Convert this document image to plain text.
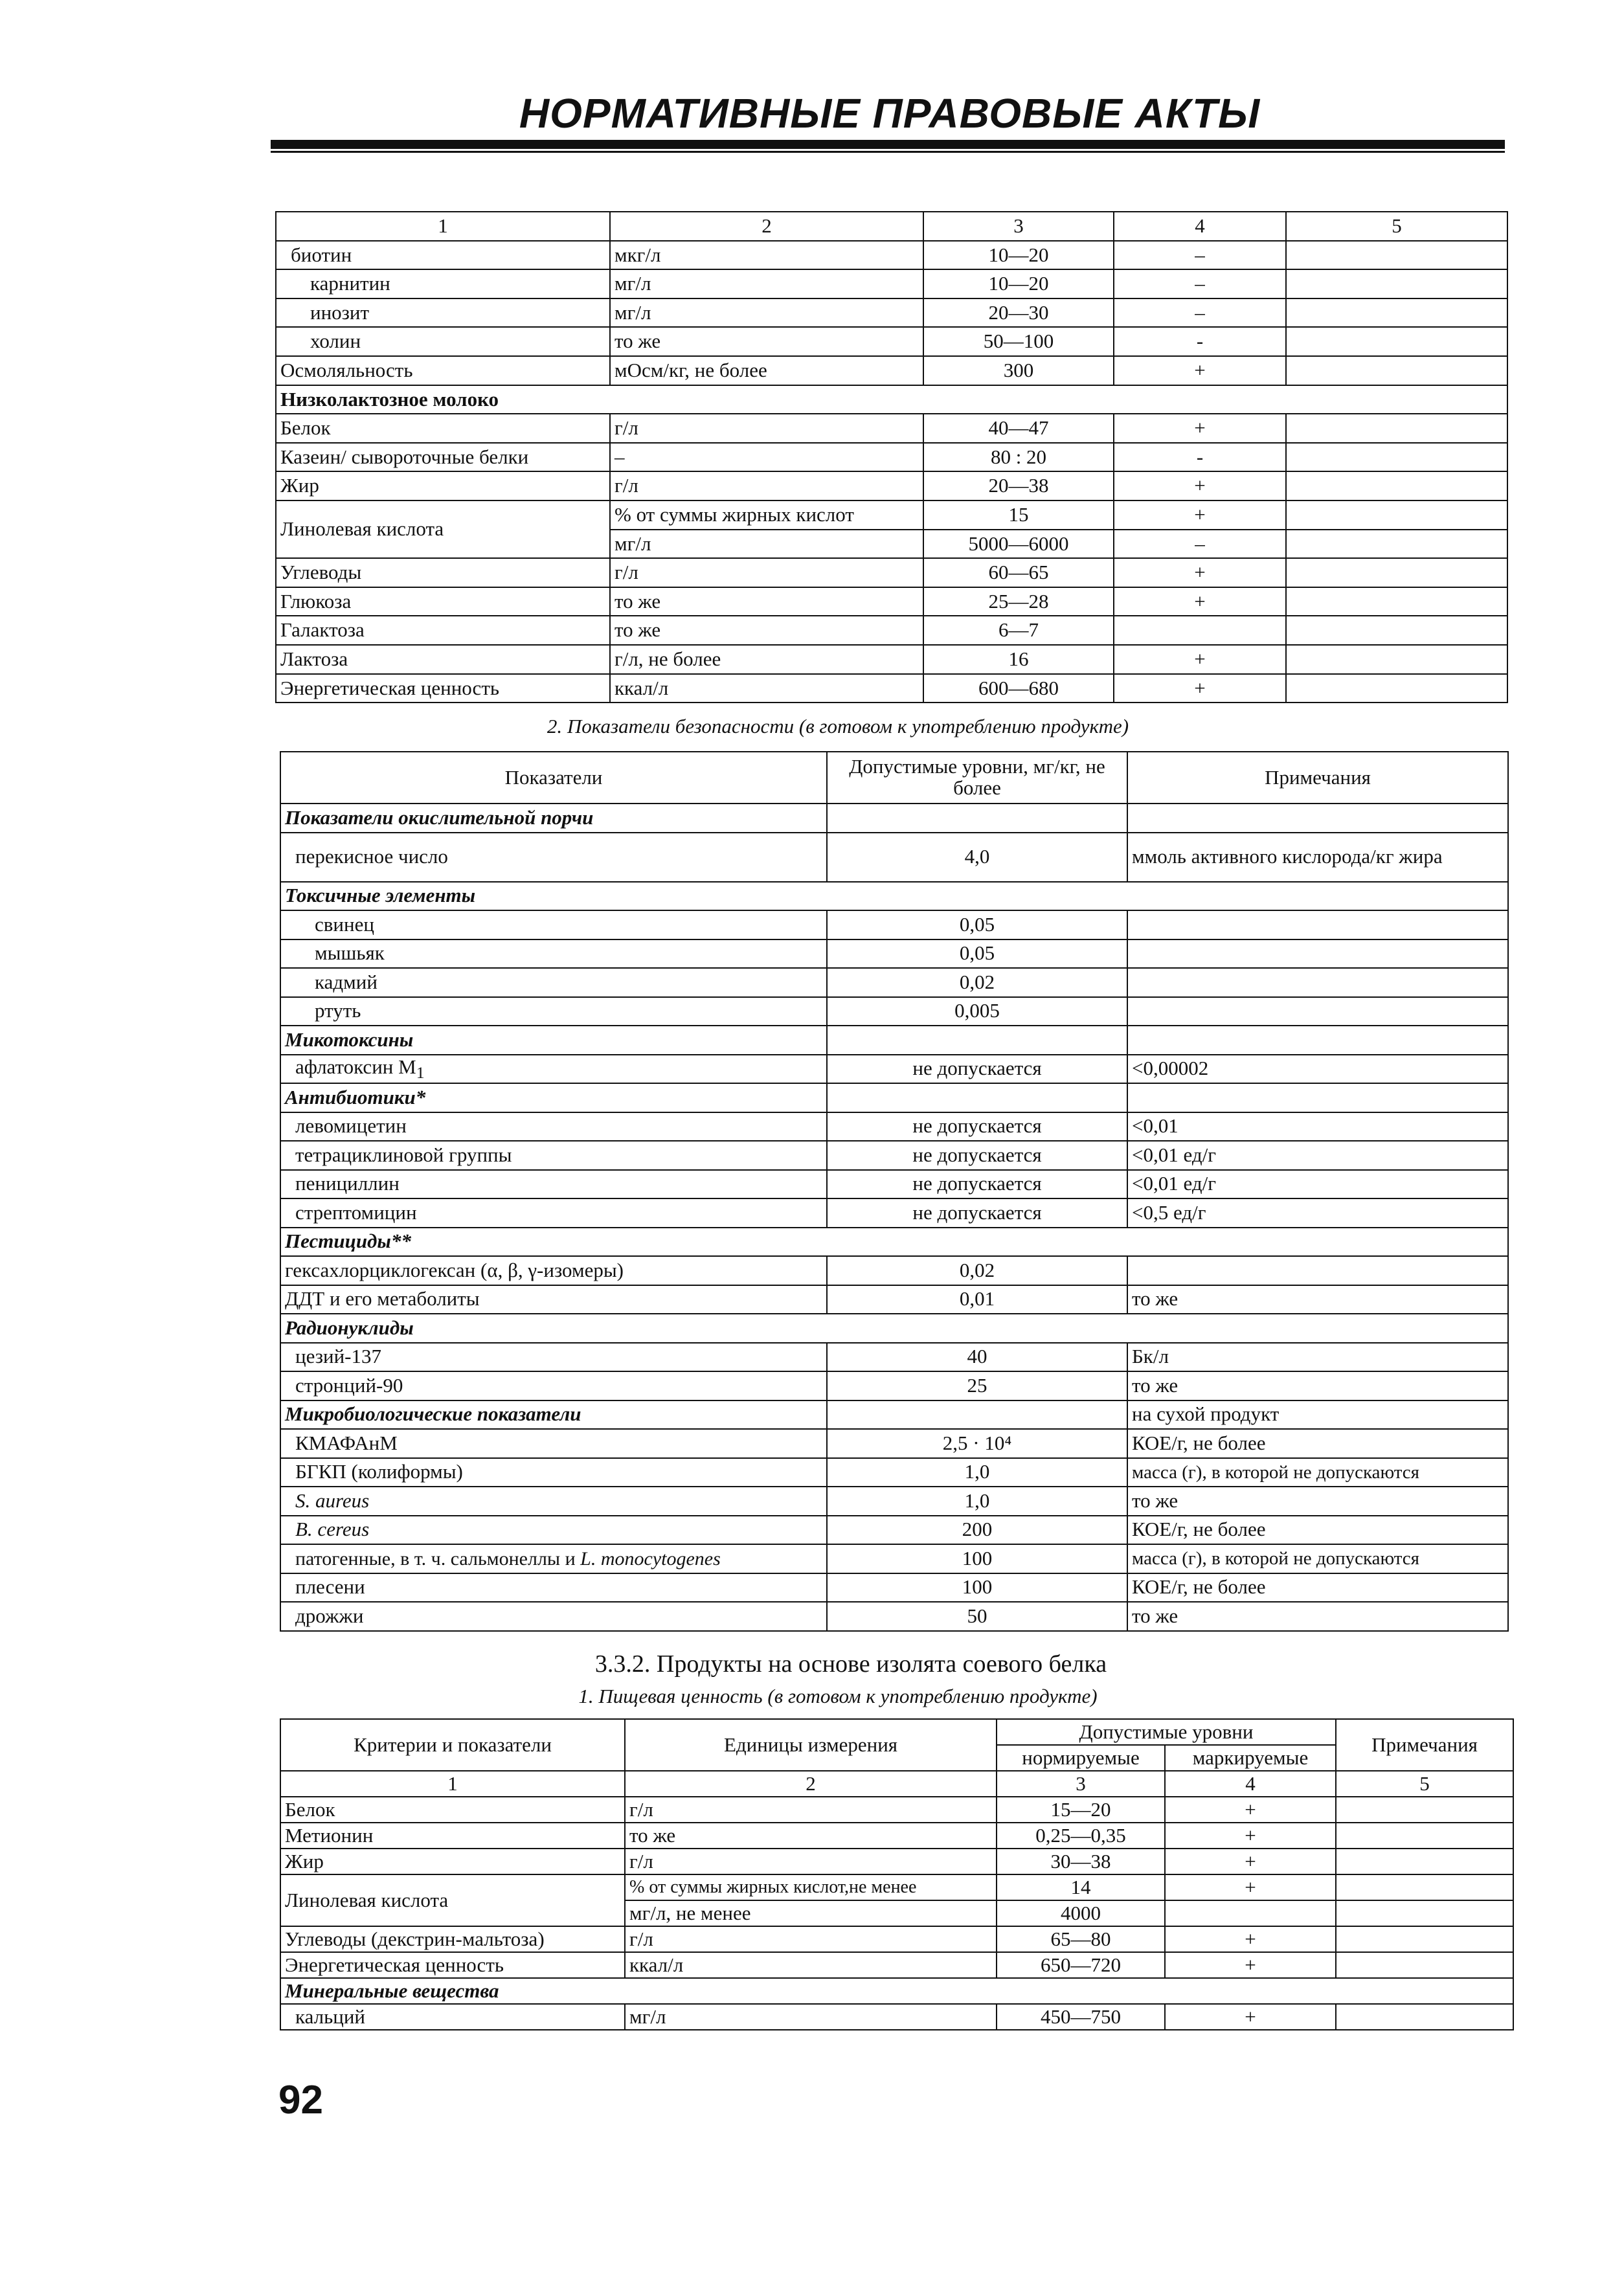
НОРМАТИВНЫЕ ПРАВОВЫЕ АКТЫ
1	2	3	4	5
биотин	мкг/л	10—20	–	
карнитин	мг/л	10—20	–	
инозит	мг/л	20—30	–	
холин	то же	50—100	-	
Осмоляльность	мОсм/кг, не более	300	+	
Низколактозное молоко				
Белок	г/л	40—47	+	
Казеин/ сывороточные белки	–	80 : 20	-	
Жир	г/л	20—38	+	
Линолевая кислота	% от суммы жирных кислот	15	+	
	мг/л	5000—6000	–	
Углеводы	г/л	60—65	+	
Глюкоза	то же	25—28	+	
Галактоза	то же	6—7		
Лактоза	г/л, не более	16	+	
Энергетическая ценность	ккал/л	600—680	+	
2. Показатели безопасности (в готовом к употреблению продукте)
Показатели	Допустимые уровни, мг/кг, не более	Примечания
Показатели окислительной порчи		
перекисное число	4,0	ммоль активного кислорода/кг жира
Токсичные элементы		
свинец	0,05	
мышьяк	0,05	
кадмий	0,02	
ртуть	0,005	
Микотоксины		
афлатоксин $M_1$	не допускается	<0,00002
Антибиотики*		
левомицетин	не допускается	<0,01
тетрациклиновой группы	не допускается	<0,01 ед/г
пенициллин	не допускается	<0,01 ед/г
стрептомицин	не допускается	<0,5 ед/г
Пестициды**		
гексахлорциклогексан (α, β, γ-изомеры)	0,02	
ДДТ и его метаболиты	0,01	то же
Радионуклиды		
цезий-137	40	Бк/л
стронций-90	25	то же
Микробиологические показатели		на сухой продукт
КМАФАнМ	2,5 · 10⁴	КОЕ/г, не более
БГКП (колиформы)	1,0	масса (г), в которой не допускаются
S. aureus	1,0	то же
B. cereus	200	КОЕ/г, не более
патогенные, в т. ч. сальмонеллы и L. monocytogenes	100	масса (г), в которой не допускаются
плесени	100	КОЕ/г, не более
дрожжи	50	то же
3.3.2. Продукты на основе изолята соевого белка
1. Пищевая ценность (в готовом к употреблению продукте)
Критерии и показатели	Единицы измерения	Допустимые уровни		Примечания
		нормируемые	маркируемые	
1	2	3	4	5
Белок	г/л	15—20	+	
Метионин	то же	0,25—0,35	+	
Жир	г/л	30—38	+	
Линолевая кислота	% от суммы жирных кислот,не менее	14	+	
	мг/л, не менее	4000		
Углеводы (декстрин-мальтоза)	г/л	65—80	+	
Энергетическая ценность	ккал/л	650—720	+	
Минеральные вещества				
кальций	мг/л	450—750	+	
92
